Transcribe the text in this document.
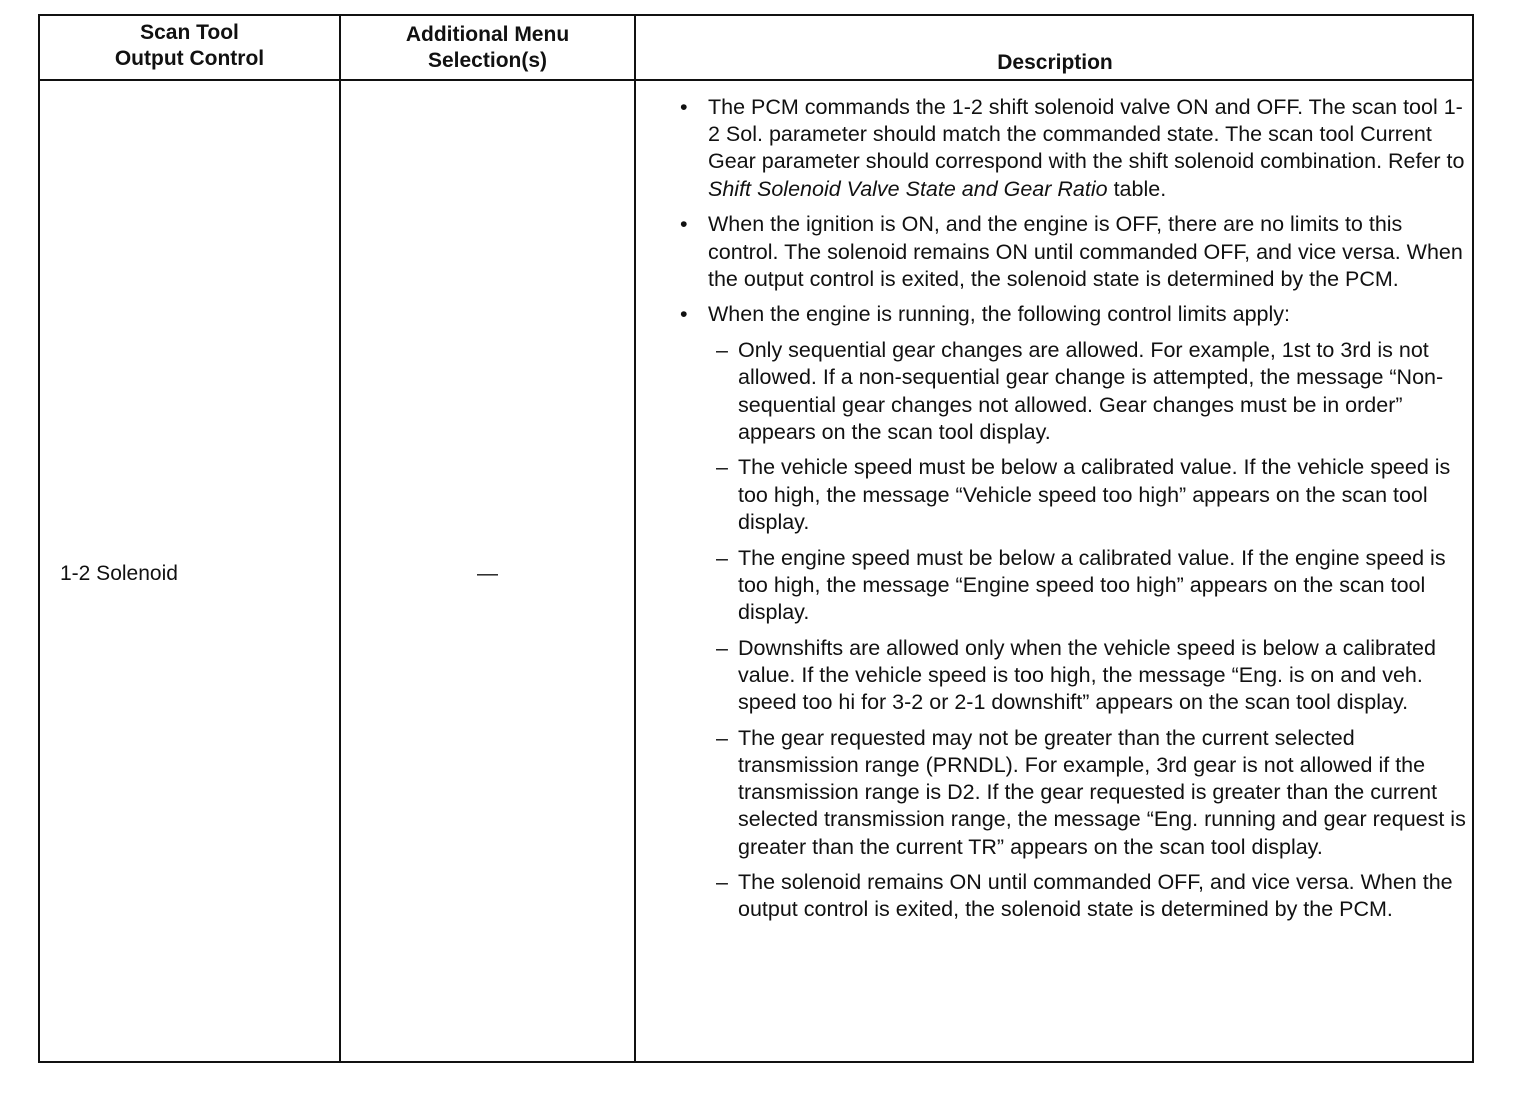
Scan Tool
Output Control
Additional Menu
Selection(s)	Description
1-2 Solenoid	—
• The PCM commands the 1-2 shift solenoid valve ON and OFF. The scan tool 1-2 Sol. parameter should match the commanded state. The scan tool Current Gear parameter should correspond with the shift solenoid combination. Refer to Shift Solenoid Valve State and Gear Ratio table.
• When the ignition is ON, and the engine is OFF, there are no limits to this control. The solenoid remains ON until commanded OFF, and vice versa. When the output control is exited, the solenoid state is determined by the PCM.
• When the engine is running, the following control limits apply:
– Only sequential gear changes are allowed. For example, 1st to 3rd is not allowed. If a non-sequential gear change is attempted, the message “Non-sequential gear changes not allowed. Gear changes must be in order” appears on the scan tool display.
– The vehicle speed must be below a calibrated value. If the vehicle speed is too high, the message “Vehicle speed too high” appears on the scan tool display.
– The engine speed must be below a calibrated value. If the engine speed is too high, the message “Engine speed too high” appears on the scan tool display.
– Downshifts are allowed only when the vehicle speed is below a calibrated value. If the vehicle speed is too high, the message “Eng. is on and veh. speed too hi for 3-2 or 2-1 downshift” appears on the scan tool display.
– The gear requested may not be greater than the current selected transmission range (PRNDL). For example, 3rd gear is not allowed if the transmission range is D2. If the gear requested is greater than the current selected transmission range, the message “Eng. running and gear request is greater than the current TR” appears on the scan tool display.
– The solenoid remains ON until commanded OFF, and vice versa. When the output control is exited, the solenoid state is determined by the PCM.
